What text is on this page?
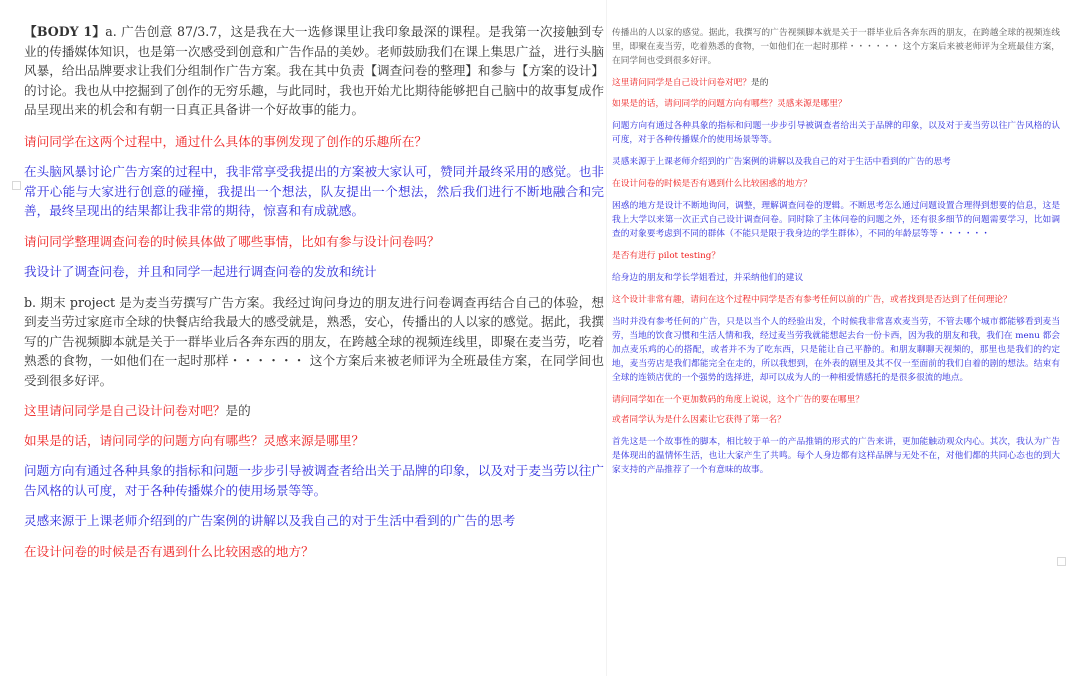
【BODY 1】a. 广告创意 87/3.7，这是我在大一选修课里让我印象最深的课程。是我第一次接触到专业的传播媒体知识，也是第一次感受到创意和广告作品的美妙。老师鼓励我们在课上集思广益，进行头脑风暴，给出品牌要求让我们分组制作广告方案。我在其中负责【调查问卷的整理】和参与【方案的设计】的讨论。我也从中挖掘到了创作的无穷乐趣，与此同时，我也开始尤比期待能够把自己脑中的故事复成作品呈现出来的机会和有朝一日真正具备讲一个好故事的能力。

请问同学在这两个过程中，通过什么具体的事例发现了创作的乐趣所在？

在头脑风暴讨论广告方案的过程中，我非常享受我提出的方案被大家认可，赞同并最终采用的感觉。也非常开心能与大家进行创意的碰撞，我提出一个想法，队友提出一个想法，然后我们进行不断地融合和完善，最终呈现出的结果都让我非常的期待，惊喜和有成就感。

请问同学整理调查问卷的时候具体做了哪些事情，比如有参与设计问卷吗？

我设计了调查问卷，并且和同学一起进行调查问卷的发放和统计

b. 期末 project 是为麦当劳撰写广告方案。我经过询问身边的朋友进行问卷调查再结合自己的体验，想到麦当劳过家庭市全球的快餐店给我最大的感受就是，熟悉，安心，传播出的人以家的感觉。据此，我撰写的广告视频脚本就是关于一群毕业后各奔东西的朋友，在跨越全球的视频连线里，即聚在麦当劳，吃着熟悉的食物，一如他们在一起时那样・・・・・・ 这个方案后来被老师评为全班最佳方案，在同学间也受到很多好评。

这里请问同学是自己设计问卷对吧？是的

如果是的话，请问同学的问题方向有哪些？灵感来源是哪里？

问题方向有通过各种具象的指标和问题一步步引导被调查者给出关于品牌的印象，以及对于麦当劳以往广告风格的认可度，对于各种传播媒介的使用场景等等。

灵感来源于上课老师介绍到的广告案例的讲解以及我自己的对于生活中看到的广告的思考

在设计问卷的时候是否有遇到什么比较困惑的地方？

传播出的人以家的感觉。据此，我撰写的广告视频脚本就是关于一群毕业后各奔东西的朋友，在跨越全球的视频连线里，即聚在麦当劳，吃着熟悉的食物，一如他们在一起时那样・・・・・・ 这个方案后来被老师评为全班最佳方案，在同学间也受到很多好评。

这里请问同学是自己设计问卷对吧？是的

如果是的话，请问同学的问题方向有哪些？灵感来源是哪里？

问题方向有通过各种具象的指标和问题一步步引导被调查者给出关于品牌的印象，以及对于麦当劳以往广告风格的认可度，对于各种传播媒介的使用场景等等。

灵感来源于上课老师介绍到的广告案例的讲解以及我自己的对于生活中看到的广告的思考

在设计问卷的时候是否有遇到什么比较困惑的地方？

困惑的地方是设计不断地询问，调整，理解调查问卷的逻辑。不断思考怎么通过问题设置合理得到想要的信息，这是我上大学以来第一次正式自己设计调查问卷。同时除了主体问卷的问题之外，还有很多细节的问题需要学习，比如调查的对象要考虑到不同的群体（不能只是限于我身边的学生群体），不同的年龄层等等・・・・・・

是否有进行 pilot testing？

给身边的朋友和学长学姐看过，并采纳他们的建议

这个设计非常有趣，请问在这个过程中同学是否有参考任何以前的广告，或者找到是否达到了任何理论？

当时并没有参考任何的广告，只是以当个人的经验出发，个时候我非常喜欢麦当劳，不管去哪个城市都能够看到麦当劳，当地的饮食习惯和生活人情和我，经过麦当劳我就能想起去台一份卡西，因为我的朋友和我，我们在 menu 都会加点麦乐鸡的心的搭配，或者并不为了吃东西，只是能让自己平静的。和朋友聊聊天视频的，那里也是我们的约定地，麦当劳店是我们都能完全在走的，所以我想到，在外表的剧里及其不仅一至面前的我们自着的剧的想法。结束有全球的连锁店优的一个强势的选择进，却可以成为人的一种相爱情感托的是很多很流的地点。

请问同学如在一个更加数码的角度上说说，这个广告的要在哪里？

或者同学认为是什么因素让它获得了第一名？

首先这是一个故事性的脚本，相比较于单一的产品推销的形式的广告来讲，更加能触动观众内心。其次，我认为广告是体现出的温情怀生活，也让大家产生了共鸣。每个人身边都有这样品牌与无处不在，对他们都的共同心态也的到大家支持的产品推荐了一个有意味的故事。
